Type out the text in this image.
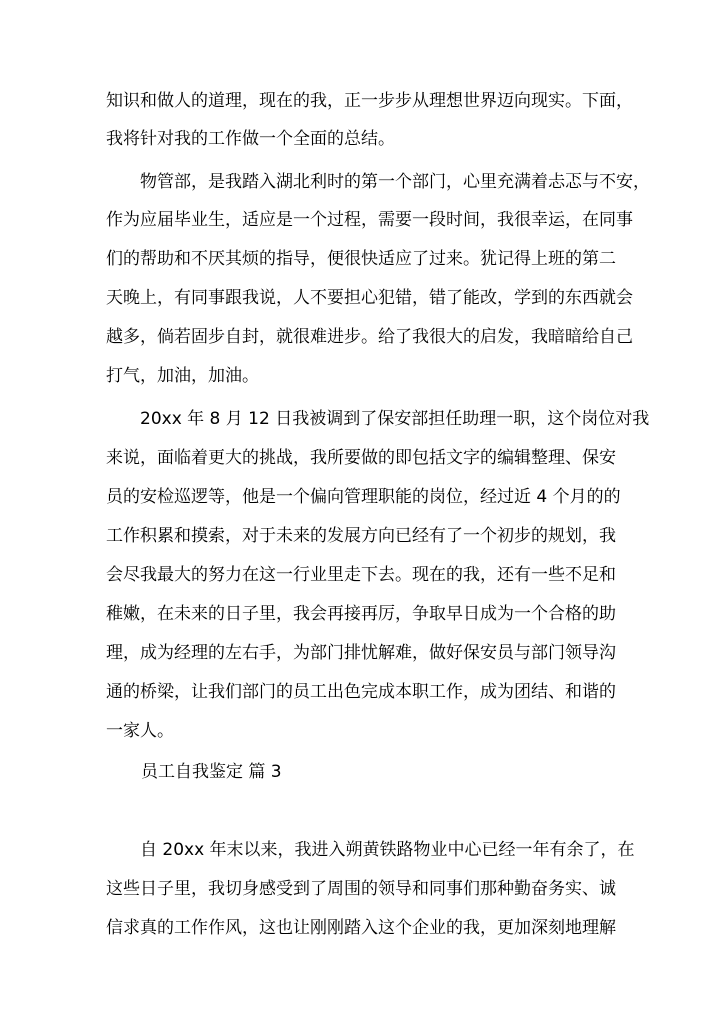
知识和做人的道理，现在的我，正一步步从理想世界迈向现实。下面，
我将针对我的工作做一个全面的总结。
物管部，是我踏入湖北利时的第一个部门，心里充满着忐忑与不安，
作为应届毕业生，适应是一个过程，需要一段时间，我很幸运，在同事
们的帮助和不厌其烦的指导，便很快适应了过来。犹记得上班的第二
天晚上，有同事跟我说，人不要担心犯错，错了能改，学到的东西就会
越多，倘若固步自封，就很难进步。给了我很大的启发，我暗暗给自己
打气，加油，加油。
20xx 年 8 月 12 日我被调到了保安部担任助理一职，这个岗位对我
来说，面临着更大的挑战，我所要做的即包括文字的编辑整理、保安
员的安检巡逻等，他是一个偏向管理职能的岗位，经过近 4 个月的的
工作积累和摸索，对于未来的发展方向已经有了一个初步的规划，我
会尽我最大的努力在这一行业里走下去。现在的我，还有一些不足和
稚嫩，在未来的日子里，我会再接再厉，争取早日成为一个合格的助
理，成为经理的左右手，为部门排忧解难，做好保安员与部门领导沟
通的桥梁，让我们部门的员工出色完成本职工作，成为团结、和谐的
一家人。
员工自我鉴定 篇 3
自 20xx 年末以来，我进入朔黄铁路物业中心已经一年有余了，在
这些日子里，我切身感受到了周围的领导和同事们那种勤奋务实、诚
信求真的工作作风，这也让刚刚踏入这个企业的我，更加深刻地理解
